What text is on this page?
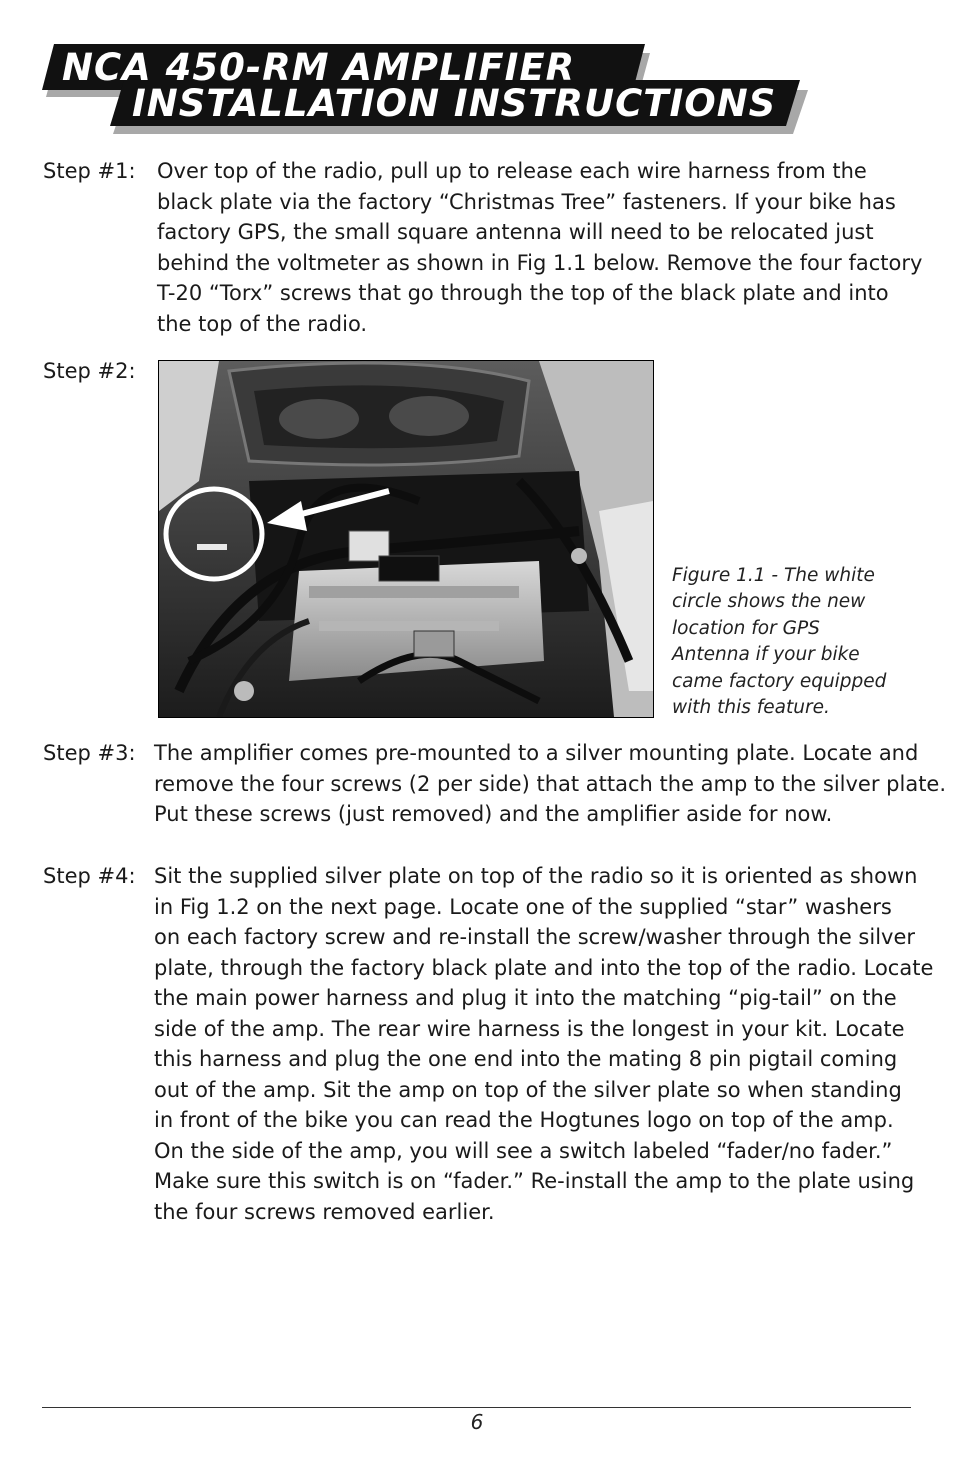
NCA 450-RM AMPLIFIER
INSTALLATION INSTRUCTIONS
Step #1: Over top of the radio, pull up to release each wire harness from the
black plate via the factory “Christmas Tree” fasteners. If your bike has
factory GPS, the small square antenna will need to be relocated just
behind the voltmeter as shown in Fig 1.1 below. Remove the four factory
T-20 “Torx” screws that go through the top of the black plate and into
the top of the radio.
Step #2:
Figure 1.1 - The white
circle shows the new
location for GPS
Antenna if your bike
came factory equipped
with this feature.
Step #3: The amplifier comes pre-mounted to a silver mounting plate. Locate and
remove the four screws (2 per side) that attach the amp to the silver plate.
Put these screws (just removed) and the amplifier aside for now.
Step #4: Sit the supplied silver plate on top of the radio so it is oriented as shown
in Fig 1.2 on the next page. Locate one of the supplied “star” washers
on each factory screw and re-install the screw/washer through the silver
plate, through the factory black plate and into the top of the radio. Locate
the main power harness and plug it into the matching “pig-tail” on the
side of the amp. The rear wire harness is the longest in your kit. Locate
this harness and plug the one end into the mating 8 pin pigtail coming
out of the amp. Sit the amp on top of the silver plate so when standing
in front of the bike you can read the Hogtunes logo on top of the amp.
On the side of the amp, you will see a switch labeled “fader/no fader.”
Make sure this switch is on “fader.” Re-install the amp to the plate using
the four screws removed earlier.
6
